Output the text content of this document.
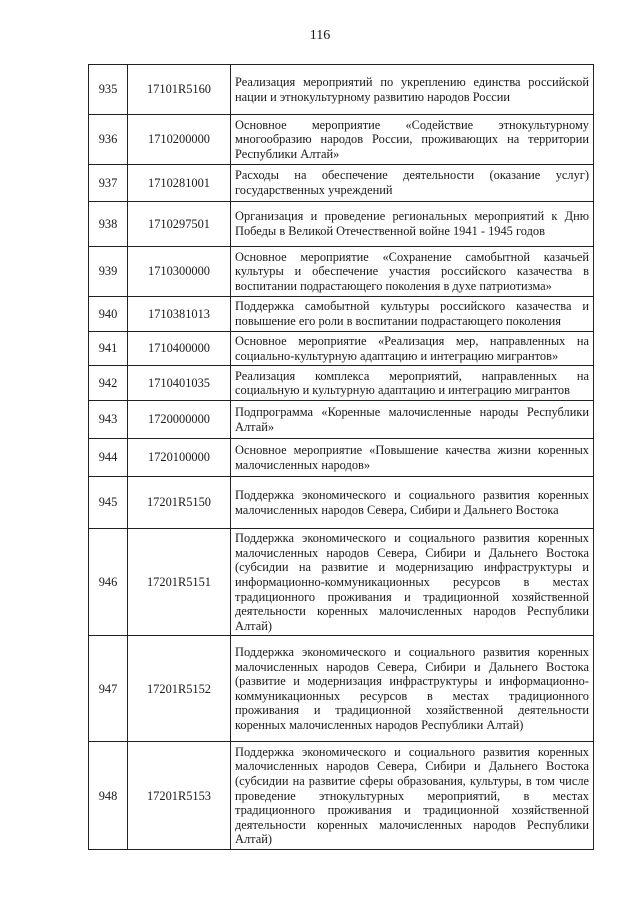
116
935	17101R5160	Реализация мероприятий по укреплению единства российской нации и этнокультурному развитию народов России
936	1710200000	Основное мероприятие «Содействие этнокультурному многообразию народов России, проживающих на территории Республики Алтай»
937	1710281001	Расходы на обеспечение деятельности (оказание услуг) государственных учреждений
938	1710297501	Организация и проведение региональных мероприятий к Дню Победы в Великой Отечественной войне 1941 - 1945 годов
939	1710300000	Основное мероприятие «Сохранение самобытной казачьей культуры и обеспечение участия российского казачества в воспитании подрастающего поколения в духе патриотизма»
940	1710381013	Поддержка самобытной культуры российского казачества и повышение его роли в воспитании подрастающего поколения
941	1710400000	Основное мероприятие «Реализация мер, направленных на социально-культурную адаптацию и интеграцию мигрантов»
942	1710401035	Реализация комплекса мероприятий, направленных на социальную и культурную адаптацию и интеграцию мигрантов
943	1720000000	Подпрограмма «Коренные малочисленные народы Республики Алтай»
944	1720100000	Основное мероприятие «Повышение качества жизни коренных малочисленных народов»
945	17201R5150	Поддержка экономического и социального развития коренных малочисленных народов Севера, Сибири и Дальнего Востока
946	17201R5151	Поддержка экономического и социального развития коренных малочисленных народов Севера, Сибири и Дальнего Востока (субсидии на развитие и модернизацию инфраструктуры и информационно-коммуникационных ресурсов в местах традиционного проживания и традиционной хозяйственной деятельности коренных малочисленных народов Республики Алтай)
947	17201R5152	Поддержка экономического и социального развития коренных малочисленных народов Севера, Сибири и Дальнего Востока (развитие и модернизация инфраструктуры и информационно-коммуникационных ресурсов в местах традиционного проживания и традиционной хозяйственной деятельности коренных малочисленных народов Республики Алтай)
948	17201R5153	Поддержка экономического и социального развития коренных малочисленных народов Севера, Сибири и Дальнего Востока (субсидии на развитие сферы образования, культуры, в том числе проведение этнокультурных мероприятий, в местах традиционного проживания и традиционной хозяйственной деятельности коренных малочисленных народов Республики Алтай)
